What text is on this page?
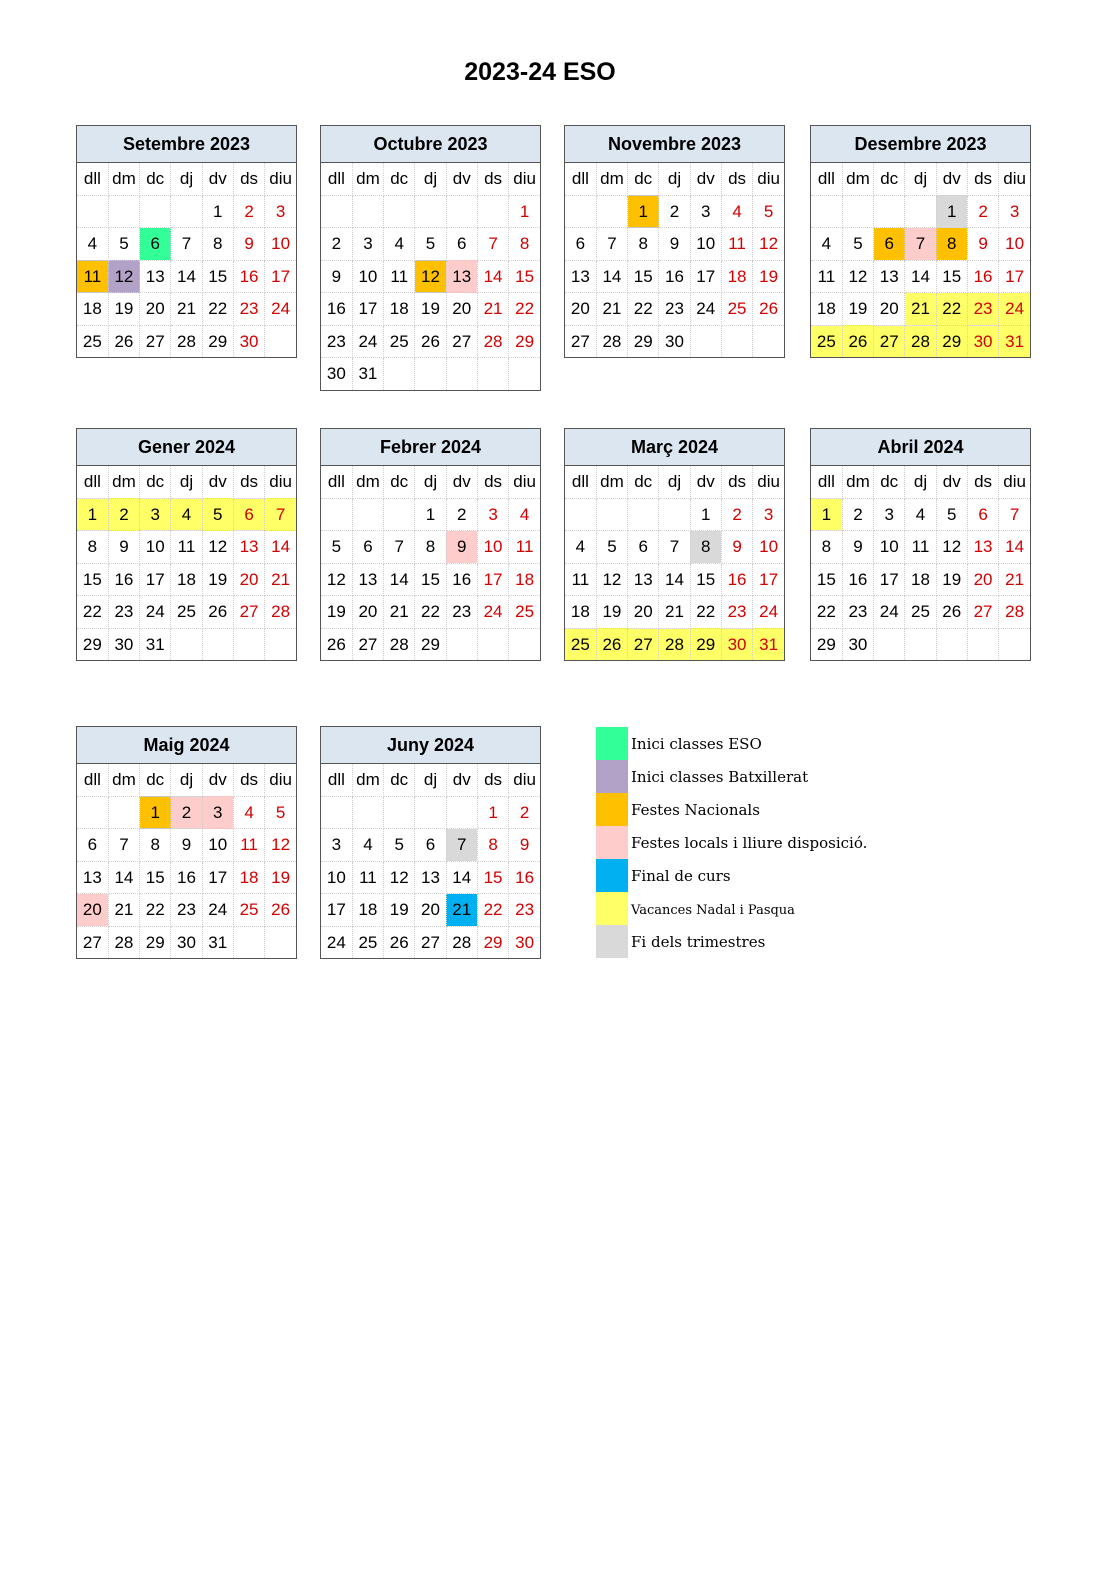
2023-24 ESO
Setembre 2023
dll	dm	dc	dj	dv	ds	diu
				1	2	3
4	5	6	7	8	9	10
11	12	13	14	15	16	17
18	19	20	21	22	23	24
25	26	27	28	29	30	
Octubre 2023
dll	dm	dc	dj	dv	ds	diu
						1
2	3	4	5	6	7	8
9	10	11	12	13	14	15
16	17	18	19	20	21	22
23	24	25	26	27	28	29
30	31					
Novembre 2023
dll	dm	dc	dj	dv	ds	diu
		1	2	3	4	5
6	7	8	9	10	11	12
13	14	15	16	17	18	19
20	21	22	23	24	25	26
27	28	29	30			
Desembre 2023
dll	dm	dc	dj	dv	ds	diu
				1	2	3
4	5	6	7	8	9	10
11	12	13	14	15	16	17
18	19	20	21	22	23	24
25	26	27	28	29	30	31
Gener 2024
dll	dm	dc	dj	dv	ds	diu
1	2	3	4	5	6	7
8	9	10	11	12	13	14
15	16	17	18	19	20	21
22	23	24	25	26	27	28
29	30	31				
Febrer 2024
dll	dm	dc	dj	dv	ds	diu
			1	2	3	4
5	6	7	8	9	10	11
12	13	14	15	16	17	18
19	20	21	22	23	24	25
26	27	28	29			
Març 2024
dll	dm	dc	dj	dv	ds	diu
				1	2	3
4	5	6	7	8	9	10
11	12	13	14	15	16	17
18	19	20	21	22	23	24
25	26	27	28	29	30	31
Abril 2024
dll	dm	dc	dj	dv	ds	diu
1	2	3	4	5	6	7
8	9	10	11	12	13	14
15	16	17	18	19	20	21
22	23	24	25	26	27	28
29	30					
Maig 2024
dll	dm	dc	dj	dv	ds	diu
		1	2	3	4	5
6	7	8	9	10	11	12
13	14	15	16	17	18	19
20	21	22	23	24	25	26
27	28	29	30	31		
Juny 2024
dll	dm	dc	dj	dv	ds	diu
					1	2
3	4	5	6	7	8	9
10	11	12	13	14	15	16
17	18	19	20	21	22	23
24	25	26	27	28	29	30
Inici classes ESO
Inici classes Batxillerat
Festes Nacionals
Festes locals i lliure disposició.
Final de curs
Vacances Nadal i Pasqua
Fi dels trimestres
